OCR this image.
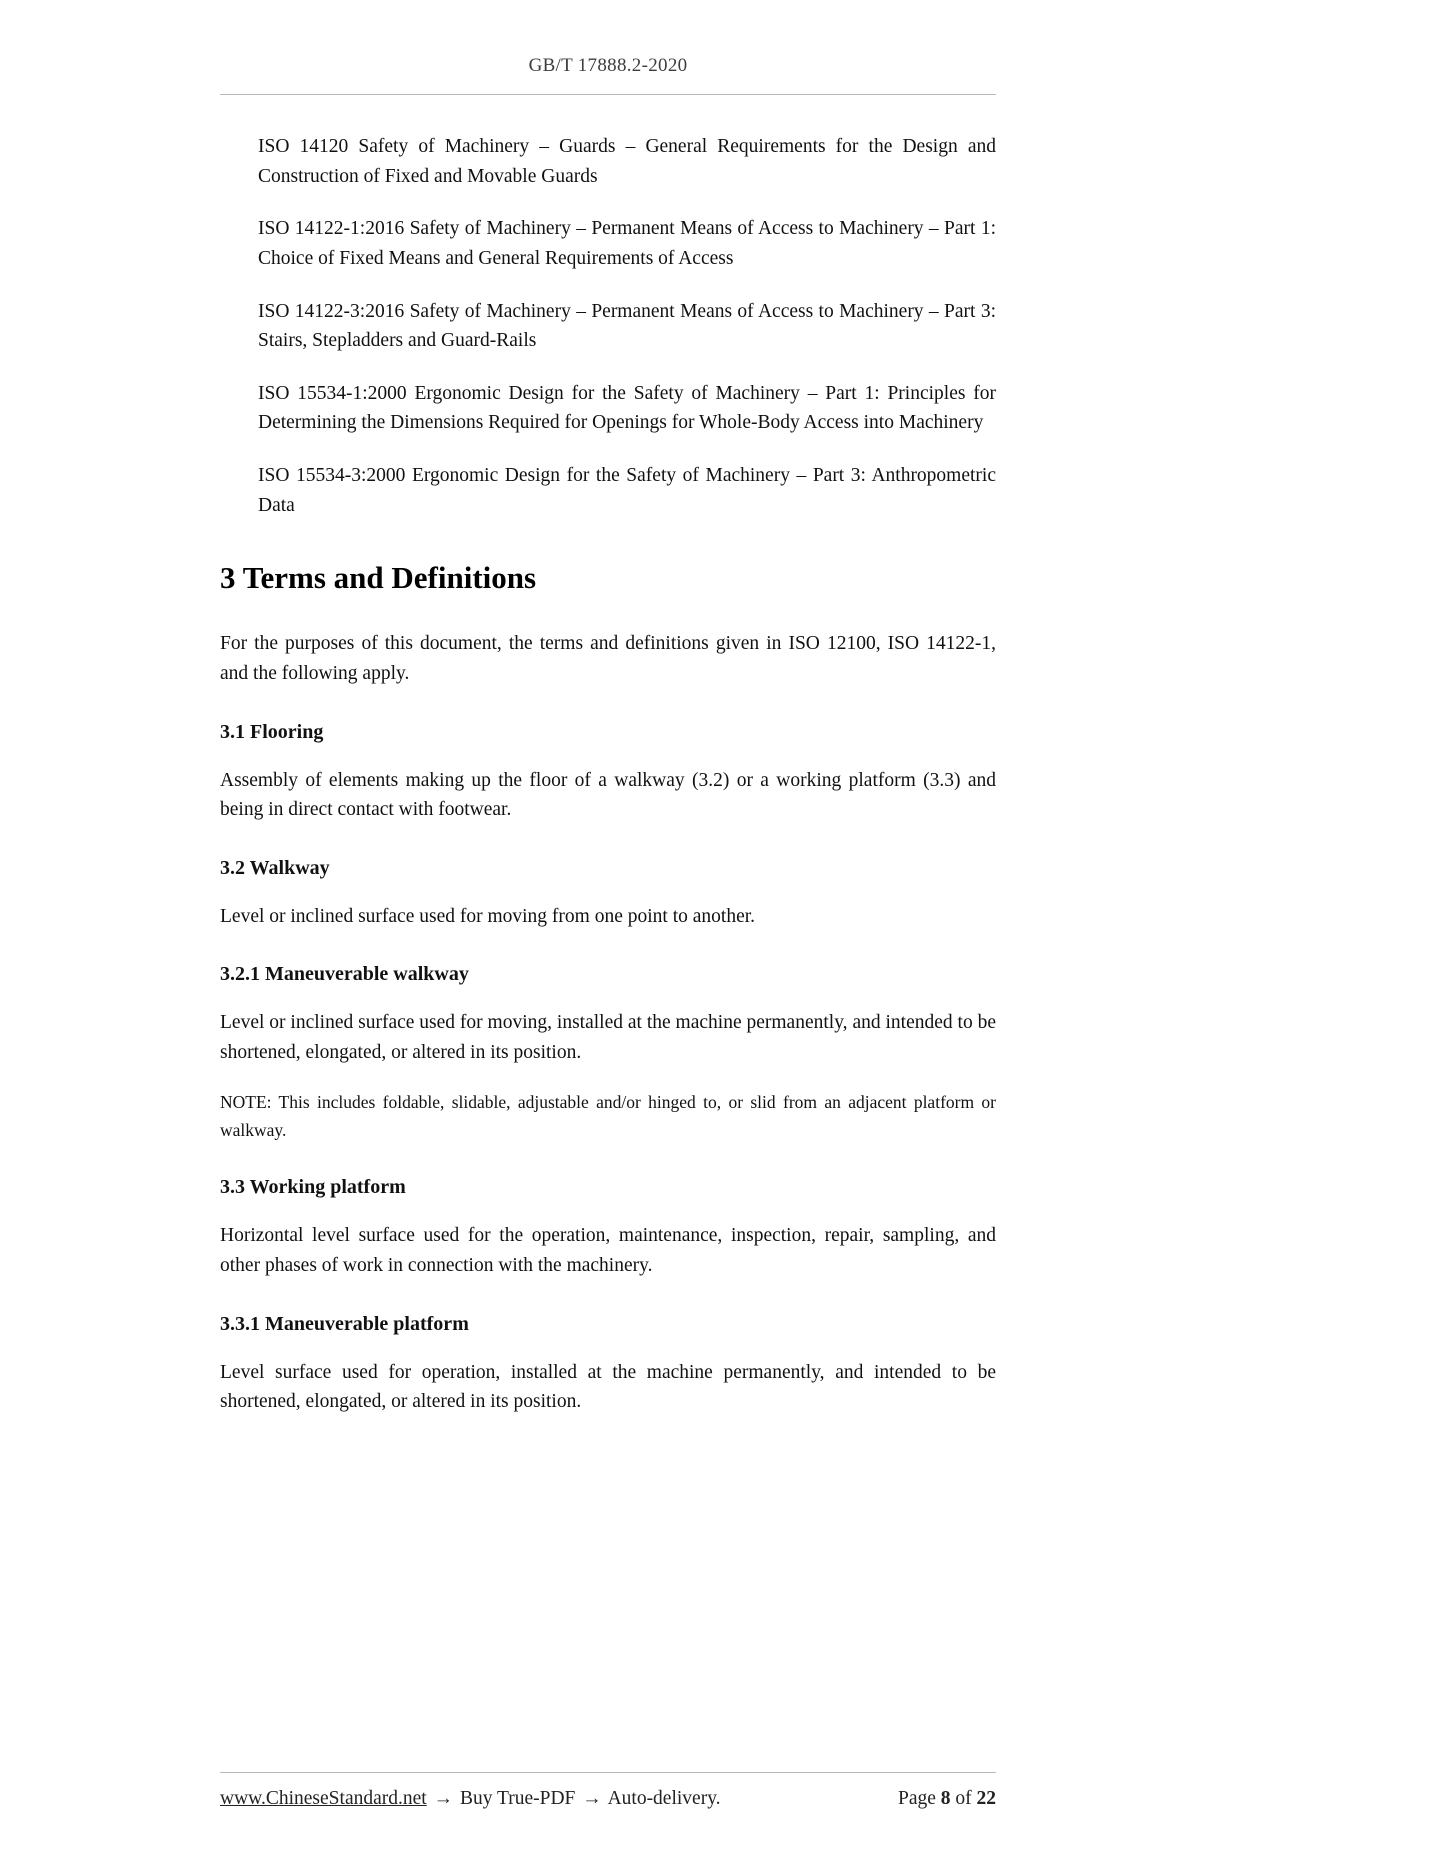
GB/T 17888.2-2020

ISO 14120 Safety of Machinery – Guards – General Requirements for the Design and Construction of Fixed and Movable Guards

ISO 14122-1:2016 Safety of Machinery – Permanent Means of Access to Machinery – Part 1: Choice of Fixed Means and General Requirements of Access

ISO 14122-3:2016 Safety of Machinery – Permanent Means of Access to Machinery – Part 3: Stairs, Stepladders and Guard-Rails

ISO 15534-1:2000 Ergonomic Design for the Safety of Machinery – Part 1: Principles for Determining the Dimensions Required for Openings for Whole-Body Access into Machinery

ISO 15534-3:2000 Ergonomic Design for the Safety of Machinery – Part 3: Anthropometric Data

3 Terms and Definitions

For the purposes of this document, the terms and definitions given in ISO 12100, ISO 14122-1, and the following apply.

3.1 Flooring

Assembly of elements making up the floor of a walkway (3.2) or a working platform (3.3) and being in direct contact with footwear.

3.2 Walkway

Level or inclined surface used for moving from one point to another.

3.2.1 Maneuverable walkway

Level or inclined surface used for moving, installed at the machine permanently, and intended to be shortened, elongated, or altered in its position.

NOTE: This includes foldable, slidable, adjustable and/or hinged to, or slid from an adjacent platform or walkway.

3.3 Working platform

Horizontal level surface used for the operation, maintenance, inspection, repair, sampling, and other phases of work in connection with the machinery.

3.3.1 Maneuverable platform

Level surface used for operation, installed at the machine permanently, and intended to be shortened, elongated, or altered in its position.

www.ChineseStandard.net → Buy True-PDF → Auto-delivery.	Page 8 of 22
